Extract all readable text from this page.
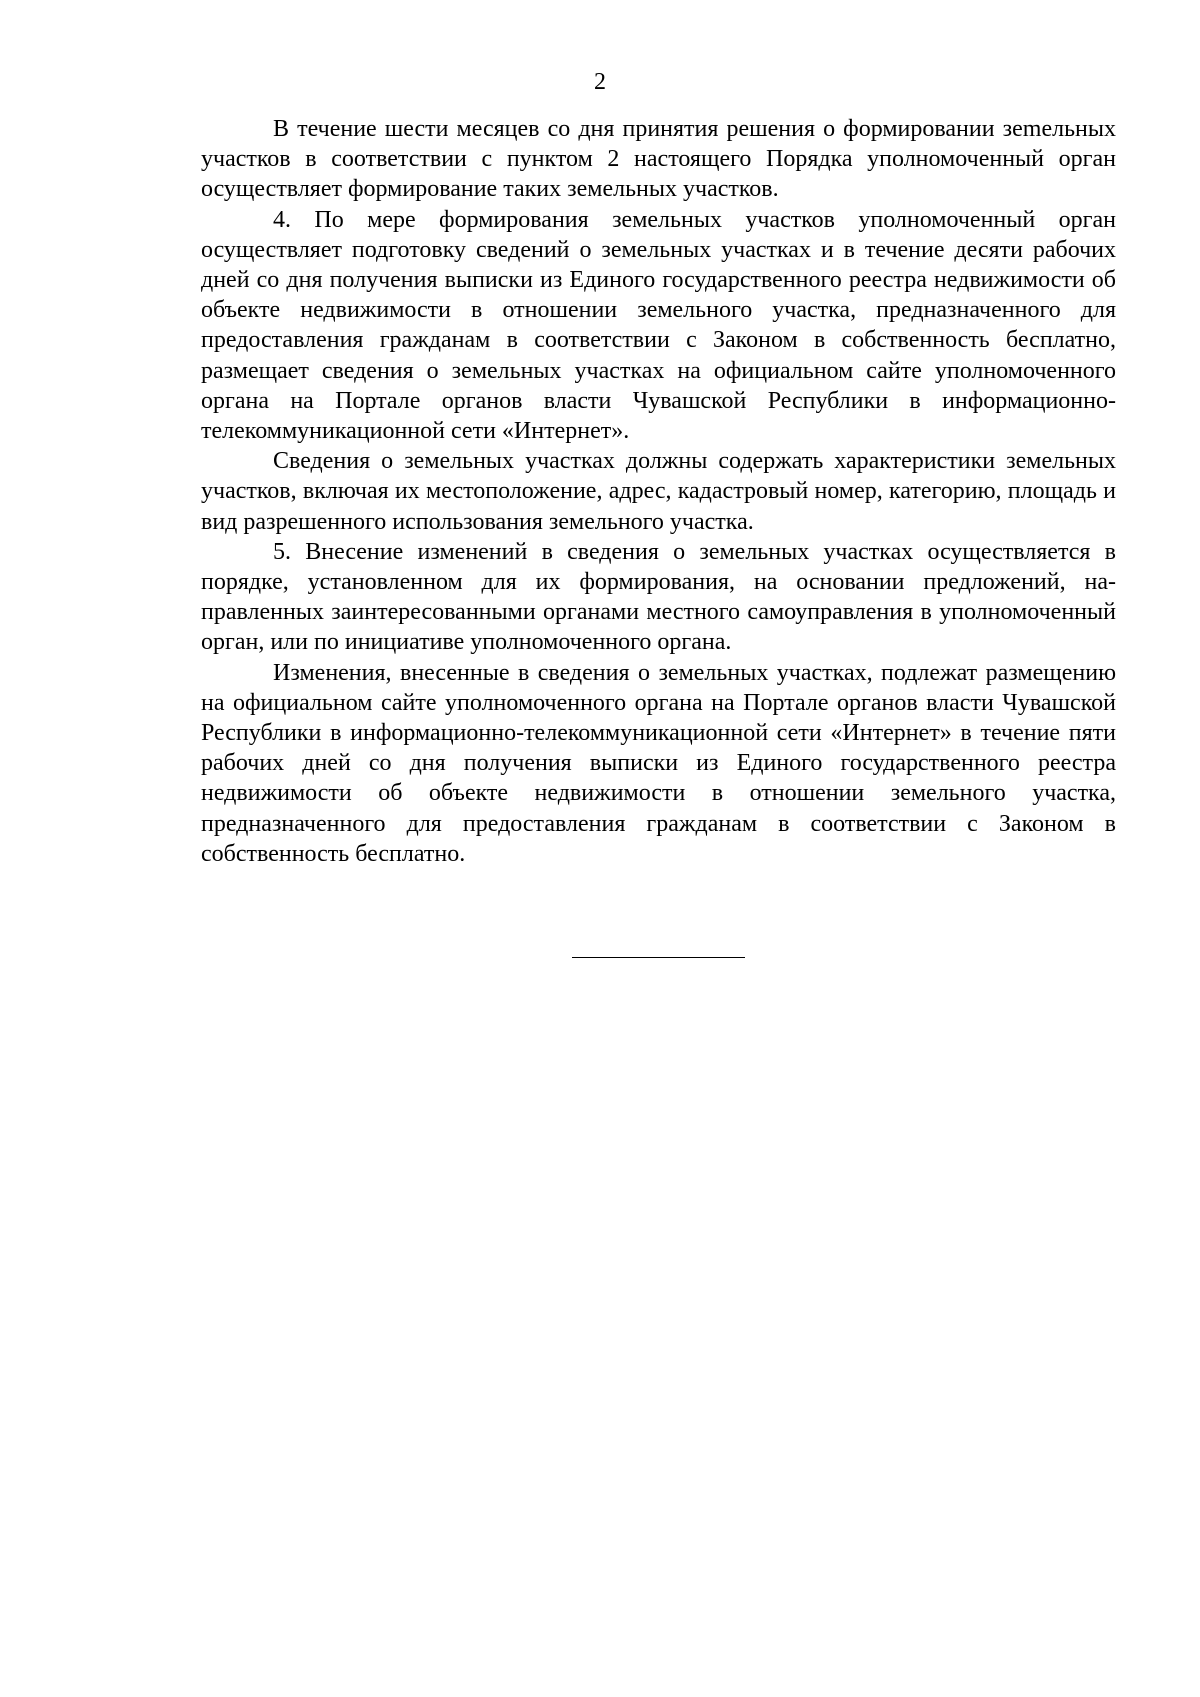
2

В течение шести месяцев со дня принятия решения о формировании зеmельных участков в соответствии с пунктом 2 настоящего Порядка уполномоченный орган осуществляет формирование таких земельных участков.

4. По мере формирования земельных участков уполномоченный орган осуществляет подготовку сведений о земельных участках и в течение десяти рабочих дней со дня получения выписки из Единого государственного реестра недвижимости об объекте недвижимости в отношении земельного участка, предназначенного для предоставления гражданам в соответствии с Законом в собственность бесплатно, размещает сведения о земельных участках на официальном сайте уполномоченного органа на Портале органов власти Чувашской Республики в информационно-телекоммуникационной сети «Интернет».

Сведения о земельных участках должны содержать характеристики земельных участков, включая их местоположение, адрес, кадастровый номер, категорию, площадь и вид разрешенного использования земельного участка.

5. Внесение изменений в сведения о земельных участках осуществляется в порядке, установленном для их формирования, на основании предложений, направленных заинтересованными органами местного самоуправления в уполномоченный орган, или по инициативе уполномоченного органа.

Изменения, внесенные в сведения о земельных участках, подлежат размещению на официальном сайте уполномоченного органа на Портале органов власти Чувашской Республики в информационно-телекоммуникационной сети «Интернет» в течение пяти рабочих дней со дня получения выписки из Единого государственного реестра недвижимости об объекте недвижимости в отношении земельного участка, предназначенного для предоставления гражданам в соответствии с Законом в собственность бесплатно.
